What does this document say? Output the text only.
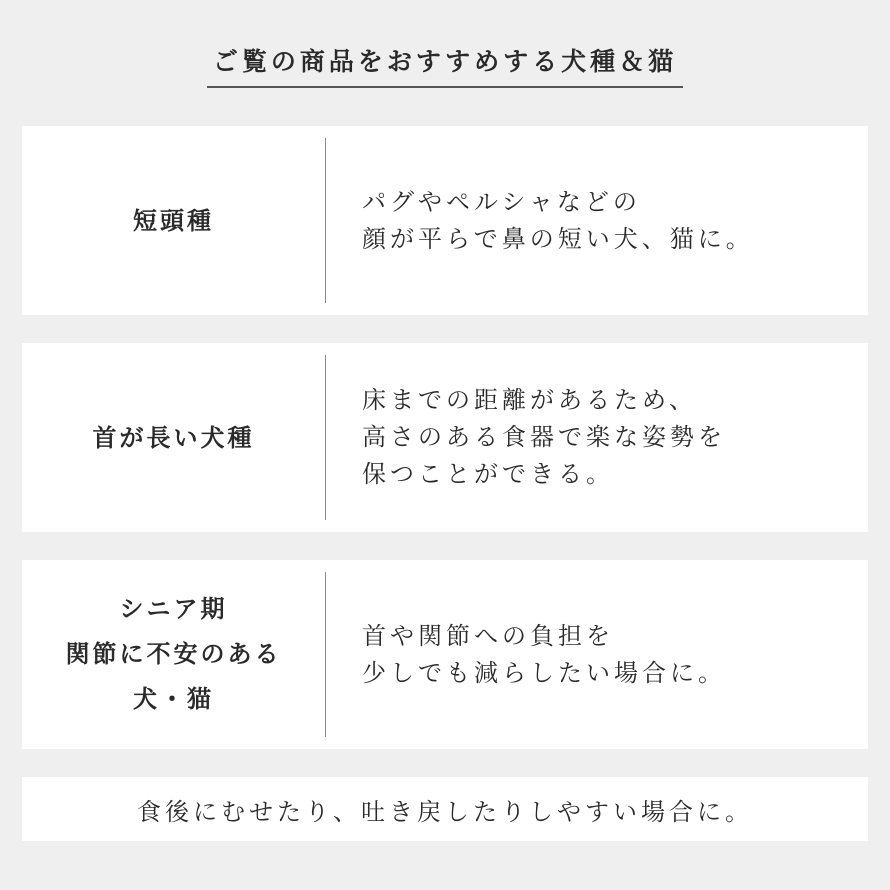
ご覧の商品をおすすめする犬種＆猫
短頭種
パグやペルシャなどの
顔が平らで鼻の短い犬、猫に。
首が長い犬種
床までの距離があるため、
高さのある食器で楽な姿勢を
保つことができる。
シニア期
関節に不安のある
犬・猫
首や関節への負担を
少しでも減らしたい場合に。
食後にむせたり、吐き戻したりしやすい場合に。
